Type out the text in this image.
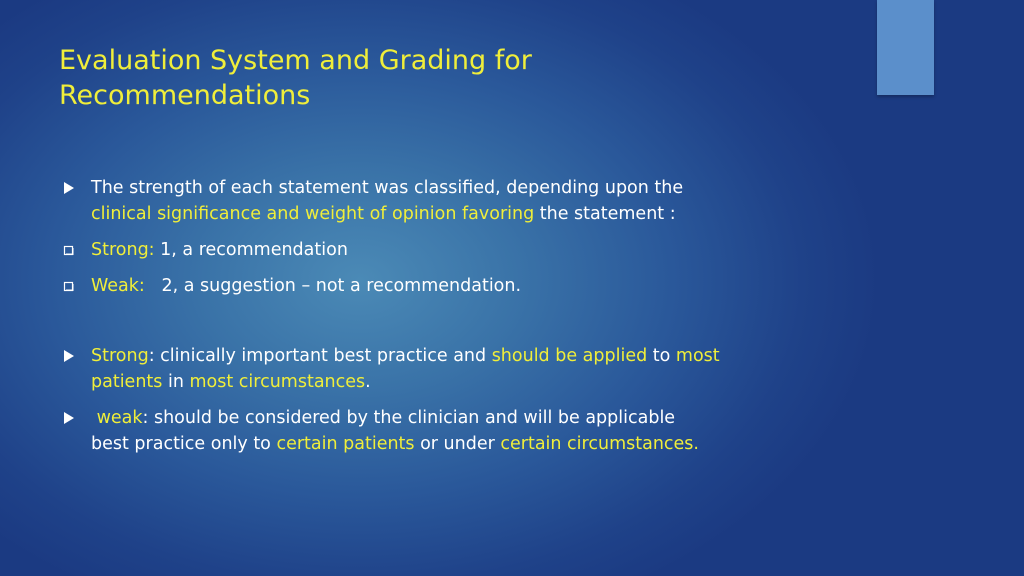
Evaluation System and Grading for
Recommendations
The strength of each statement was classified, depending upon the
clinical significance and weight of opinion favoring the statement :
Strong: 1, a recommendation
Weak:   2, a suggestion – not a recommendation.
Strong: clinically important best practice and should be applied to most
patients in most circumstances.
weak: should be considered by the clinician and will be applicable
best practice only to certain patients or under certain circumstances.
